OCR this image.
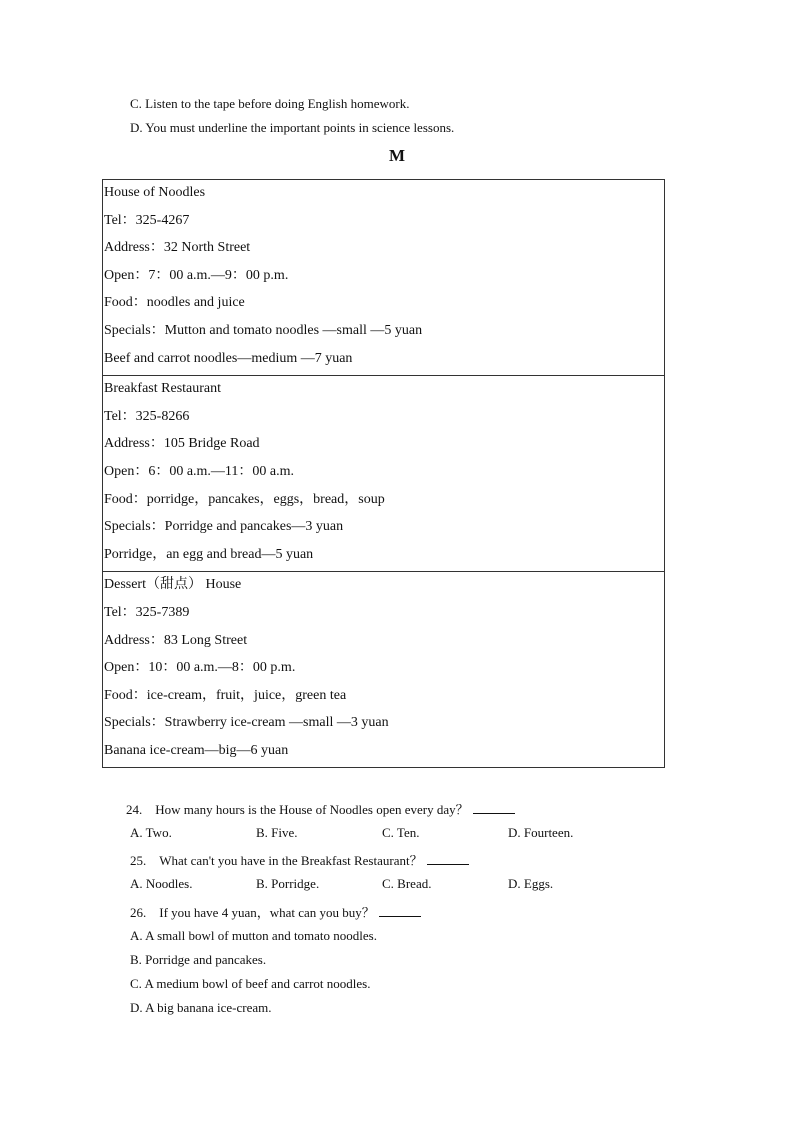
C. Listen to the tape before doing English homework.
D. You must underline the important points in science lessons.
M
House of Noodles
Tel：325-4267
Address：32 North Street
Open：7：00 a.m.—9：00 p.m.
Food：noodles and juice
Specials：Mutton and tomato noodles —small —5 yuan
Beef and carrot noodles—medium —7 yuan
Breakfast Restaurant
Tel：325-8266
Address：105 Bridge Road
Open：6：00 a.m.—11：00 a.m.
Food：porridge，pancakes，eggs，bread，soup
Specials：Porridge and pancakes—3 yuan
Porridge，an egg and bread—5 yuan
Dessert（甜点） House
Tel：325-7389
Address：83 Long Street
Open：10：00 a.m.—8：00 p.m.
Food：ice-cream，fruit，juice，green tea
Specials：Strawberry ice-cream —small —3 yuan
Banana ice-cream—big—6 yuan
24.　How many hours is the House of Noodles open every day？
A. Two.	B. Five.	C. Ten.	D. Fourteen.
25.　What can't you have in the Breakfast Restaurant？
A. Noodles.	B. Porridge.	C. Bread.	D. Eggs.
26.　If you have 4 yuan，what can you buy？
A. A small bowl of mutton and tomato noodles.
B. Porridge and pancakes.
C. A medium bowl of beef and carrot noodles.
D. A big banana ice-cream.
